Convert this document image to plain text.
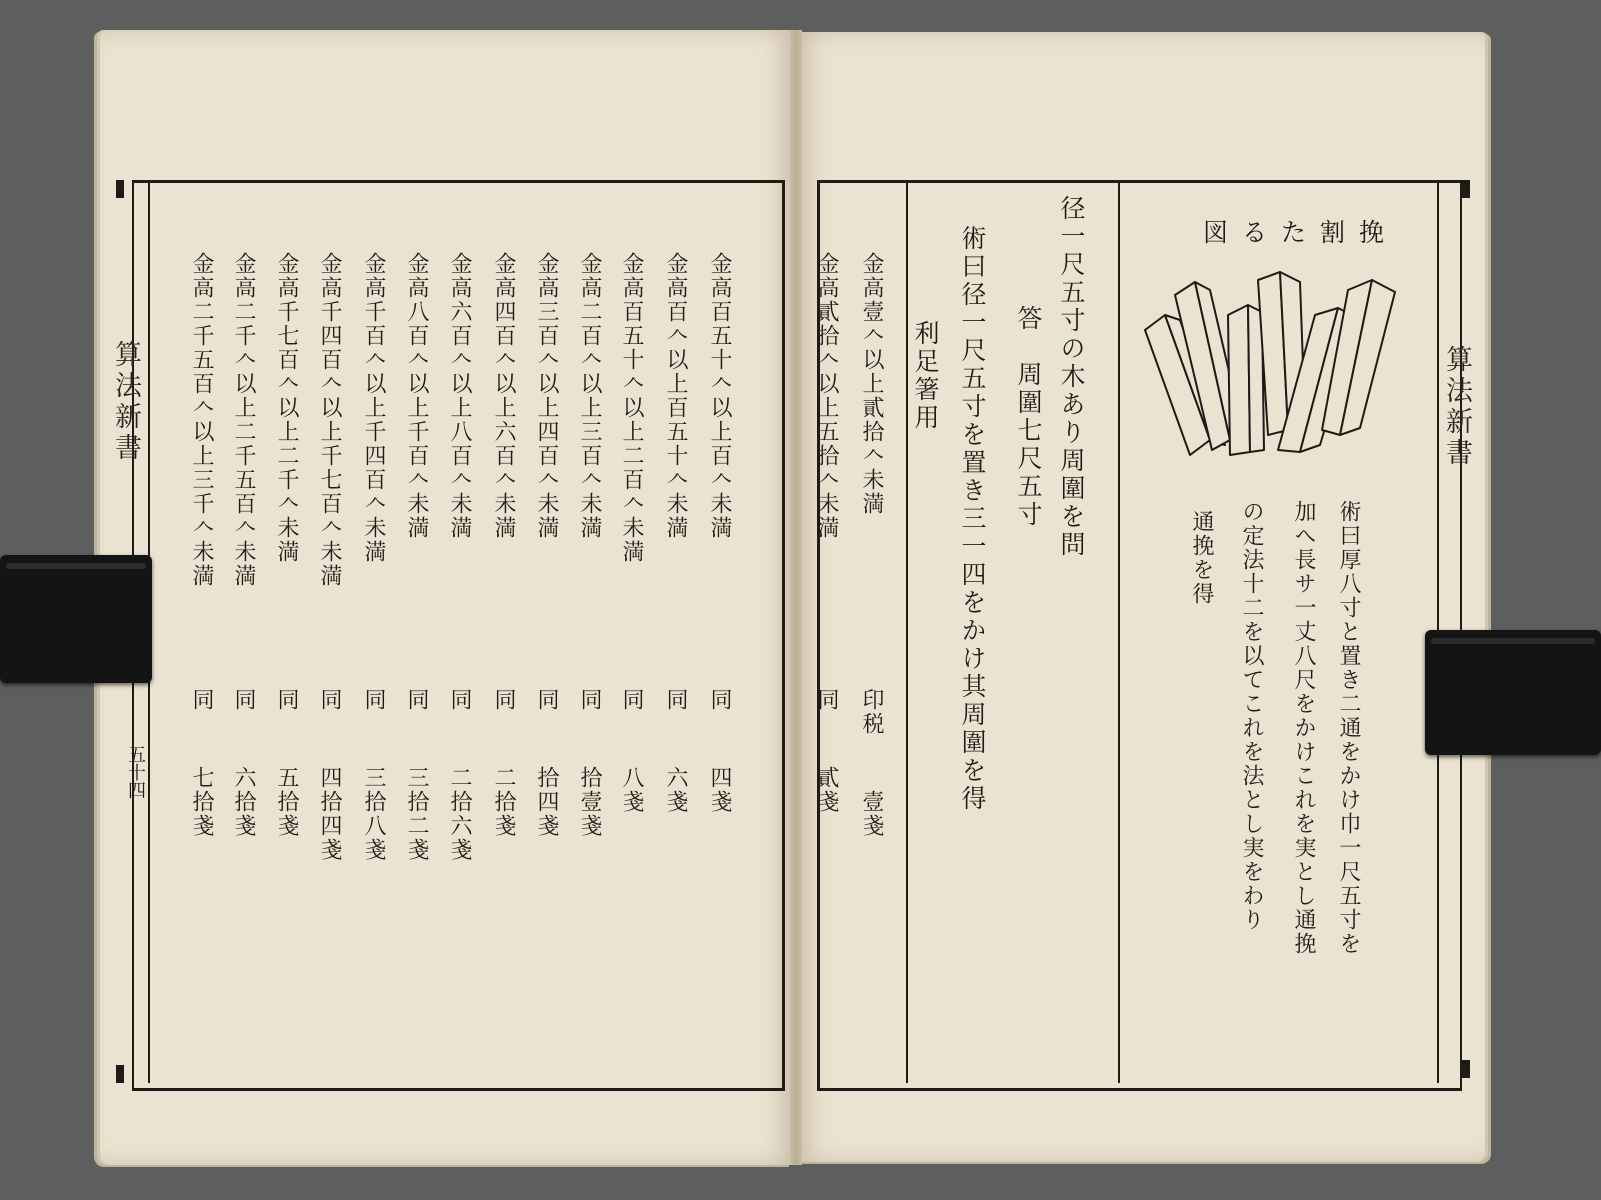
算法新書
五十四
金高百五十𠆢以上百𠆢未満
同
四戔
金高百𠆢以上百五十𠆢未満
同
六戔
金高百五十𠆢以上二百𠆢未満
同
八戔
金高二百𠆢以上三百𠆢未満
同
拾壹戔
金高三百𠆢以上四百𠆢未満
同
拾四戔
金高四百𠆢以上六百𠆢未満
同
二拾戔
金高六百𠆢以上八百𠆢未満
同
二拾六戔
金高八百𠆢以上千百𠆢未満
同
三拾二戔
金高千百𠆢以上千四百𠆢未満
同
三拾八戔
金高千四百𠆢以上千七百𠆢未満
同
四拾四戔
金高千七百𠆢以上二千𠆢未満
同
五拾戔
金高二千𠆢以上二千五百𠆢未満
同
六拾戔
金高二千五百𠆢以上三千𠆢未満
同
七拾戔
算法新書
挽割たる図
術曰厚八寸と置き二通をかけ巾一尺五寸を
加へ長サ一丈八尺をかけこれを実とし通挽
の定法十二を以てこれを法とし実をわり
通挽を得
径一尺五寸の木あり周圍を問
答　周圍七尺五寸
術曰径一尺五寸を置き三一四をかけ其周圍を得
利足箸用
金高壹𠆢以上貳拾𠆢未満
印税
壹戔
金高貳拾𠆢以上五拾𠆢未満
同
貳戔
